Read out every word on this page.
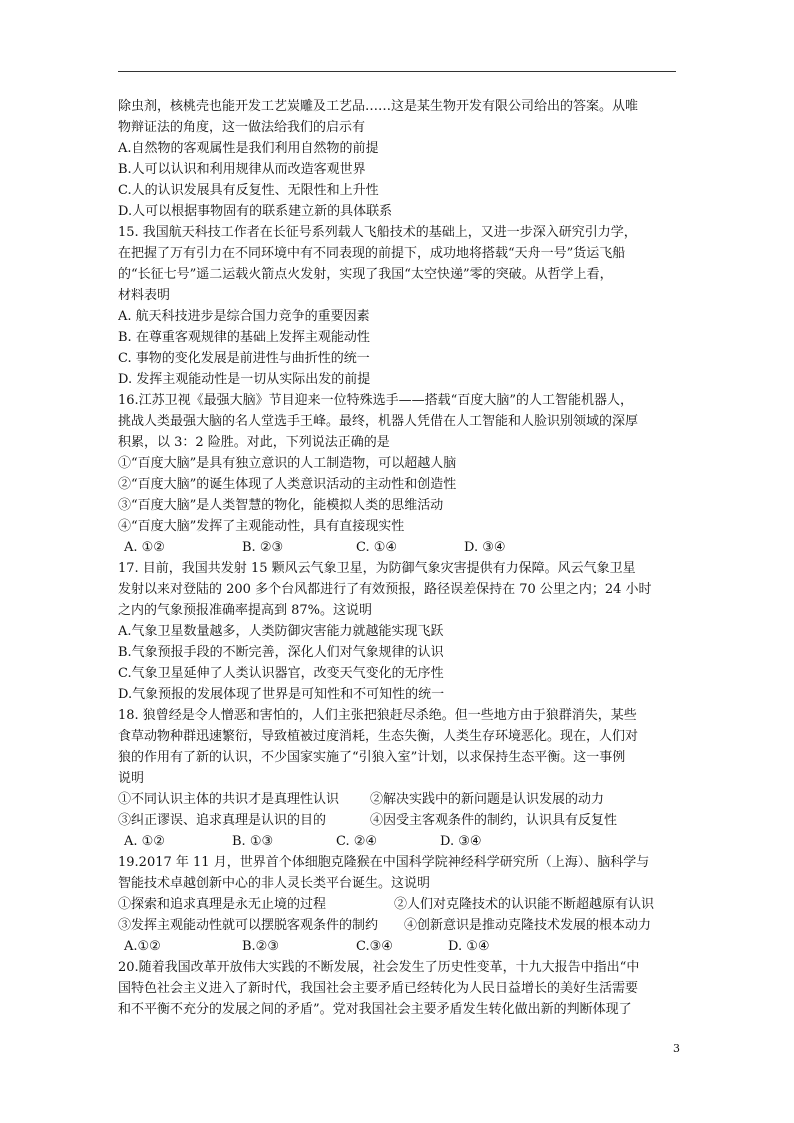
除虫剂，核桃壳也能开发工艺炭雕及工艺品……这是某生物开发有限公司给出的答案。从唯
物辩证法的角度，这一做法给我们的启示有
A.自然物的客观属性是我们利用自然物的前提
B.人可以认识和利用规律从而改造客观世界
C.人的认识发展具有反复性、无限性和上升性
D.人可以根据事物固有的联系建立新的具体联系
15. 我国航天科技工作者在长征号系列载人飞船技术的基础上，又进一步深入研究引力学，
在把握了万有引力在不同环境中有不同表现的前提下，成功地将搭载“天舟一号”货运飞船
的“长征七号”遥二运载火箭点火发射，实现了我国“太空快递”零的突破。从哲学上看，
材料表明
A. 航天科技进步是综合国力竞争的重要因素
B. 在尊重客观规律的基础上发挥主观能动性
C. 事物的变化发展是前进性与曲折性的统一
D. 发挥主观能动性是一切从实际出发的前提
16.江苏卫视《最强大脑》节目迎来一位特殊选手——搭载“百度大脑”的人工智能机器人，
挑战人类最强大脑的名人堂选手王峰。最终，机器人凭借在人工智能和人脸识别领域的深厚
积累，以 3：2 险胜。对此，下列说法正确的是
①“百度大脑”是具有独立意识的人工制造物，可以超越人脑
②“百度大脑”的诞生体现了人类意识活动的主动性和创造性
③“百度大脑”是人类智慧的物化，能模拟人类的思维活动
④“百度大脑”发挥了主观能动性，具有直接现实性
A. ①②	B. ②③	C. ①④	D. ③④
17. 目前，我国共发射 15 颗风云气象卫星，为防御气象灾害提供有力保障。风云气象卫星
发射以来对登陆的 200 多个台风都进行了有效预报，路径误差保持在 70 公里之内；24 小时
之内的气象预报准确率提高到 87%。这说明
A.气象卫星数量越多，人类防御灾害能力就越能实现飞跃
B.气象预报手段的不断完善，深化人们对气象规律的认识
C.气象卫星延伸了人类认识器官，改变天气变化的无序性
D.气象预报的发展体现了世界是可知性和不可知性的统一
18. 狼曾经是令人憎恶和害怕的，人们主张把狼赶尽杀绝。但一些地方由于狼群消失，某些
食草动物种群迅速繁衍，导致植被过度消耗，生态失衡，人类生存环境恶化。现在，人们对
狼的作用有了新的认识，不少国家实施了“引狼入室”计划，以求保持生态平衡。这一事例
说明
①不同认识主体的共识才是真理性认识	②解决实践中的新问题是认识发展的动力
③纠正谬误、追求真理是认识的目的	④因受主客观条件的制约，认识具有反复性
A. ①②	B. ①③	C. ②④	D. ③④
19.2017 年 11 月，世界首个体细胞克隆猴在中国科学院神经科学研究所（上海）、脑科学与
智能技术卓越创新中心的非人灵长类平台诞生。这说明
①探索和追求真理是永无止境的过程	②人们对克隆技术的认识能不断超越原有认识
③发挥主观能动性就可以摆脱客观条件的制约	④创新意识是推动克隆技术发展的根本动力
A.①②	B.②③	C.③④	D. ①④
20.随着我国改革开放伟大实践的不断发展，社会发生了历史性变革，十九大报告中指出“中
国特色社会主义进入了新时代，我国社会主要矛盾已经转化为人民日益增长的美好生活需要
和不平衡不充分的发展之间的矛盾”。党对我国社会主要矛盾发生转化做出新的判断体现了
3
